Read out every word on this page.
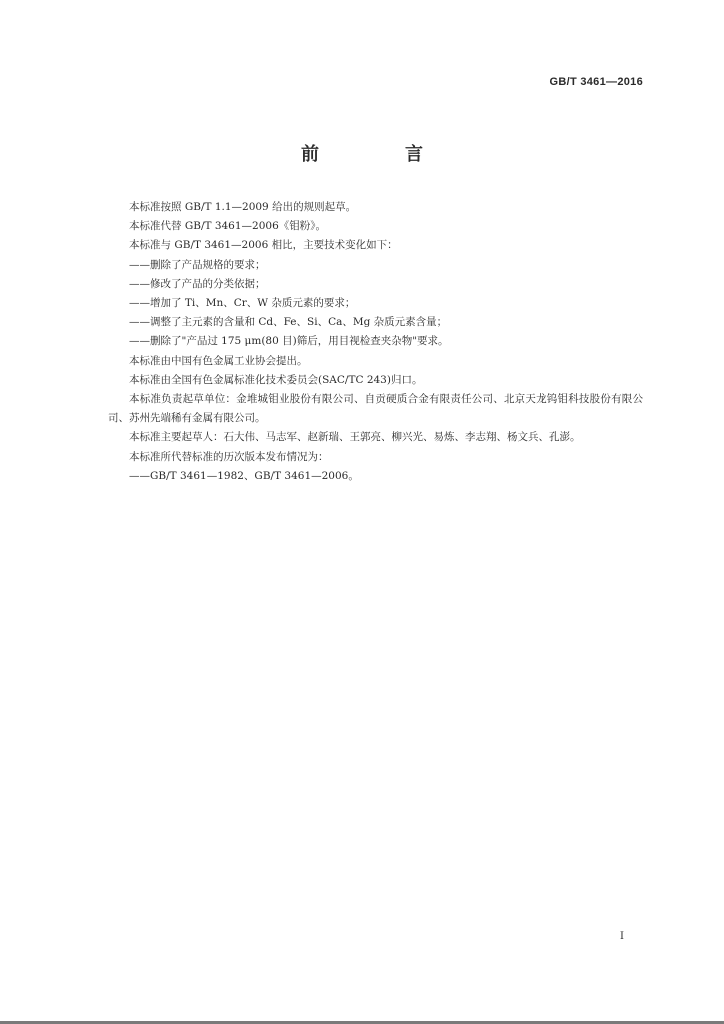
GB/T 3461—2016
前　言
本标准按照 GB/T 1.1—2009 给出的规则起草。
本标准代替 GB/T 3461—2006《钼粉》。
本标准与 GB/T 3461—2006 相比，主要技术变化如下：
——删除了产品规格的要求；
——修改了产品的分类依据；
——增加了 Ti、Mn、Cr、W 杂质元素的要求；
——调整了主元素的含量和 Cd、Fe、Si、Ca、Mg 杂质元素含量；
——删除了"产品过 175 μm(80 目)筛后，用目视检查夹杂物"要求。
本标准由中国有色金属工业协会提出。
本标准由全国有色金属标准化技术委员会(SAC/TC 243)归口。
本标准负责起草单位：金堆城钼业股份有限公司、自贡硬质合金有限责任公司、北京天龙钨钼科技股份有限公司、苏州先端稀有金属有限公司。
本标准主要起草人：石大伟、马志军、赵新瑞、王郭亮、柳兴光、易炼、李志翔、杨文兵、孔澎。
本标准所代替标准的历次版本发布情况为：
——GB/T 3461—1982、GB/T 3461—2006。
I
